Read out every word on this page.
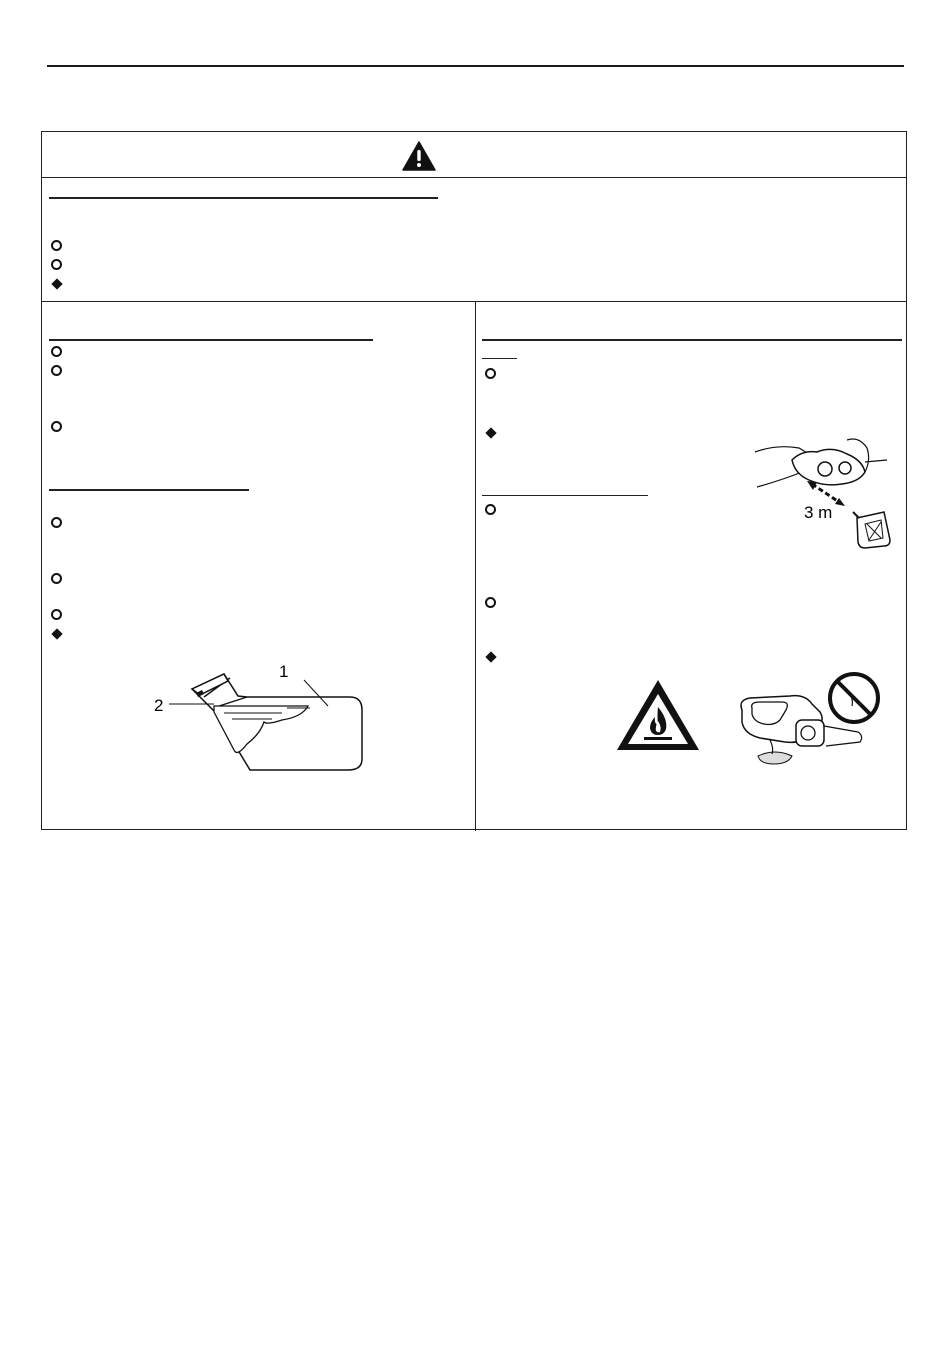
1
2
3 m
